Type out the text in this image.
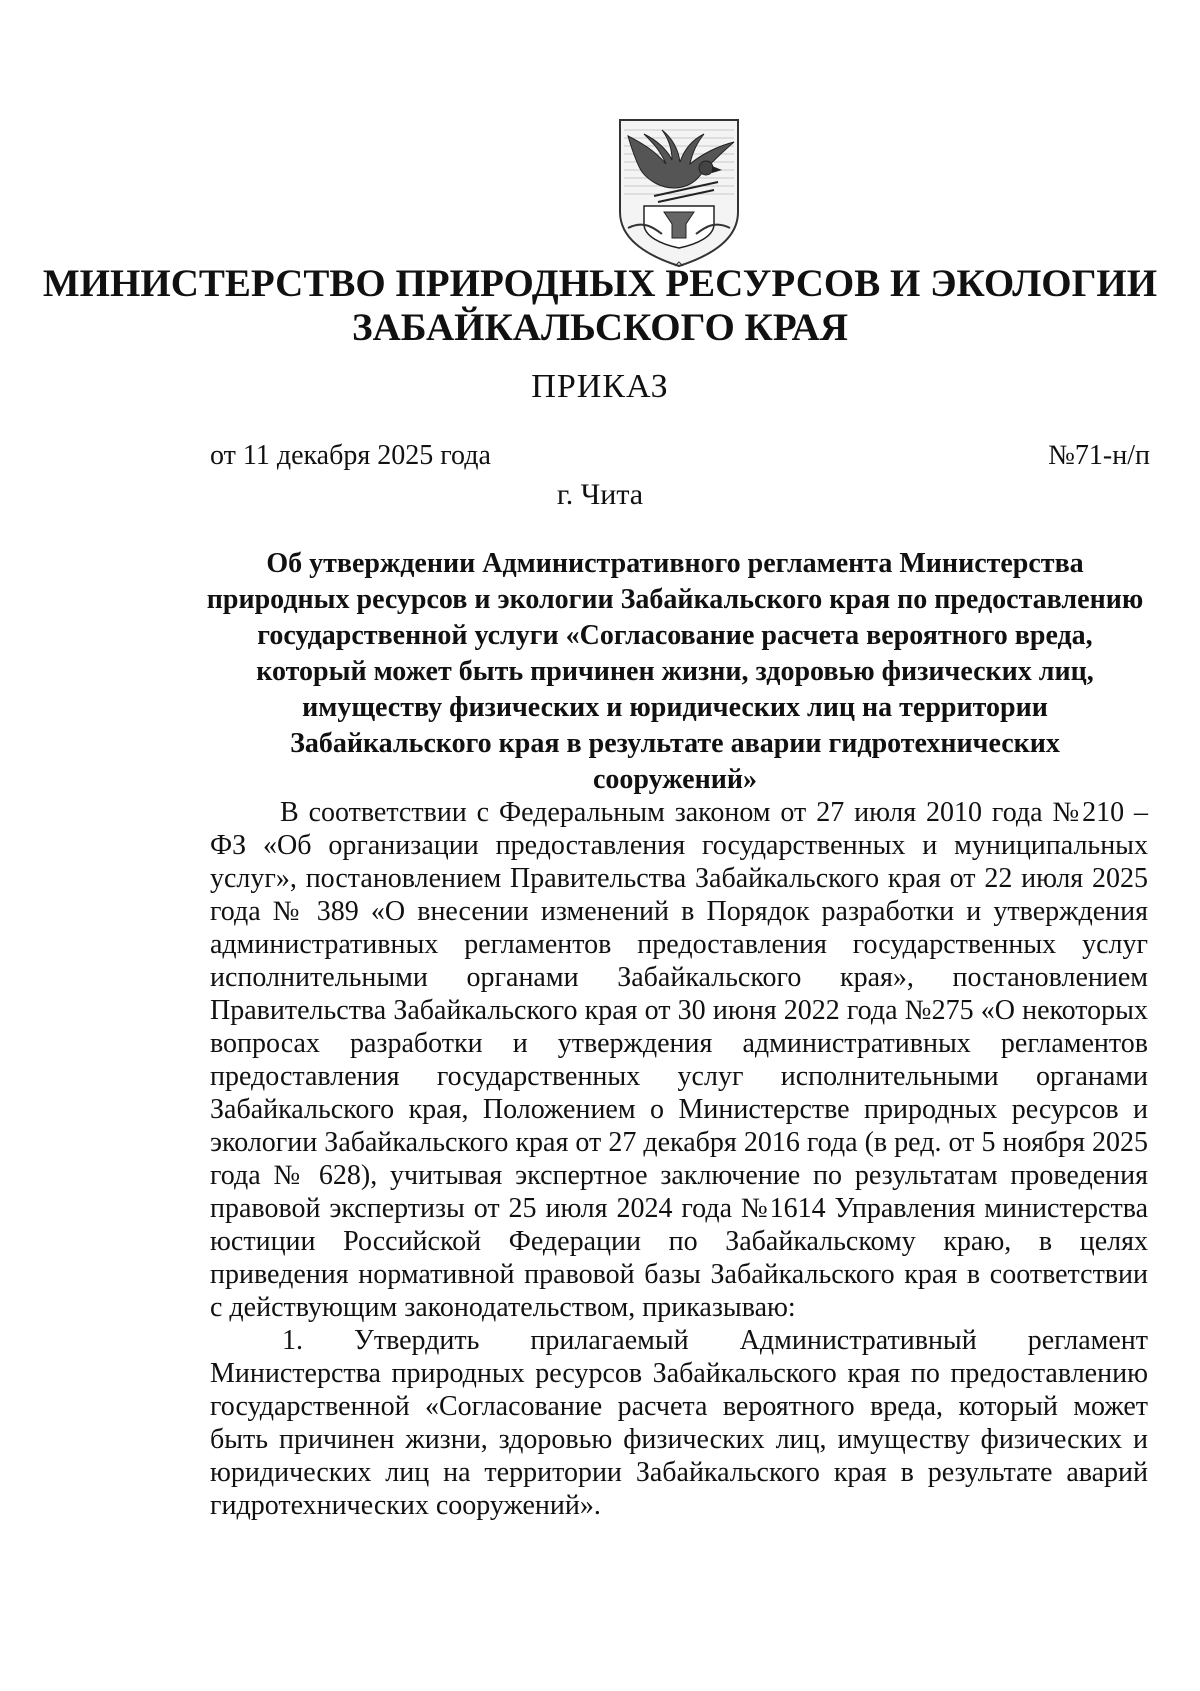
МИНИСТЕРСТВО ПРИРОДНЫХ РЕСУРСОВ И ЭКОЛОГИИ
ЗАБАЙКАЛЬСКОГО КРАЯ
ПРИКАЗ
от 11 декабря 2025 года	№71-н/п
г. Чита
Об утверждении Административного регламента Министерства природных ресурсов и экологии Забайкальского края по предоставлению государственной услуги «Согласование расчета вероятного вреда, который может быть причинен жизни, здоровью физических лиц, имуществу физических и юридических лиц на территории Забайкальского края в результате аварии гидротехнических сооружений»

В соответствии с Федеральным законом от 27 июля 2010 года №210 – ФЗ «Об организации предоставления государственных и муниципальных услуг», постановлением Правительства Забайкальского края от 22 июля 2025 года № 389 «О внесении изменений в Порядок разработки и утверждения административных регламентов предоставления государственных услуг исполнительными органами Забайкальского края», постановлением Правительства Забайкальского края от 30 июня 2022 года №275 «О некоторых вопросах разработки и утверждения административных регламентов предоставления государственных услуг исполнительными органами Забайкальского края, Положением о Министерстве природных ресурсов и экологии Забайкальского края от 27 декабря 2016 года (в ред. от 5 ноября 2025 года № 628), учитывая экспертное заключение по результатам проведения правовой экспертизы от 25 июля 2024 года №1614 Управления министерства юстиции Российской Федерации по Забайкальскому краю, в целях приведения нормативной правовой базы Забайкальского края в соответствии с действующим законодательством, приказываю:

1. Утвердить прилагаемый Административный регламент Министерства природных ресурсов Забайкальского края по предоставлению государственной «Согласование расчета вероятного вреда, который может быть причинен жизни, здоровью физических лиц, имуществу физических и юридических лиц на территории Забайкальского края в результате аварий гидротехнических сооружений».
